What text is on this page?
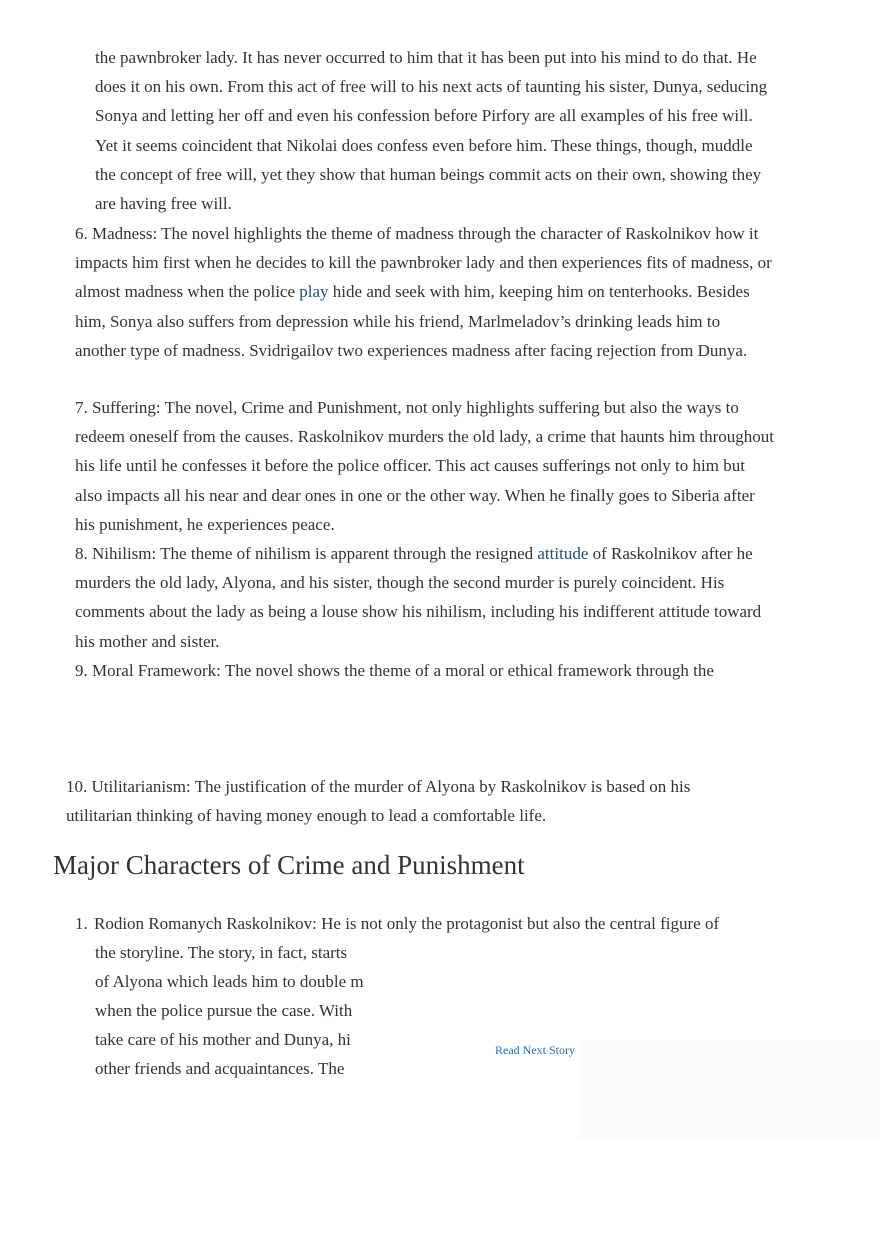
the pawnbroker lady. It has never occurred to him that it has been put into his mind to do that. He does it on his own. From this act of free will to his next acts of taunting his sister, Dunya, seducing Sonya and letting her off and even his confession before Pirfory are all examples of his free will. Yet it seems coincident that Nikolai does confess even before him. These things, though, muddle the concept of free will, yet they show that human beings commit acts on their own, showing they are having free will.
6. Madness: The novel highlights the theme of madness through the character of Raskolnikov how it impacts him first when he decides to kill the pawnbroker lady and then experiences fits of madness, or almost madness when the police play hide and seek with him, keeping him on tenterhooks. Besides him, Sonya also suffers from depression while his friend, Marlmeladov’s drinking leads him to another type of madness. Svidrigailov two experiences madness after facing rejection from Dunya.
7. Suffering: The novel, Crime and Punishment, not only highlights suffering but also the ways to redeem oneself from the causes. Raskolnikov murders the old lady, a crime that haunts him throughout his life until he confesses it before the police officer. This act causes sufferings not only to him but also impacts all his near and dear ones in one or the other way. When he finally goes to Siberia after his punishment, he experiences peace.
8. Nihilism: The theme of nihilism is apparent through the resigned attitude of Raskolnikov after he murders the old lady, Alyona, and his sister, though the second murder is purely coincident. His comments about the lady as being a louse show his nihilism, including his indifferent attitude toward his mother and sister.
9. Moral Framework: The novel shows the theme of a moral or ethical framework through the
10. Utilitarianism: The justification of the murder of Alyona by Raskolnikov is based on his utilitarian thinking of having money enough to lead a comfortable life.
Major Characters of Crime and Punishment
1. Rodion Romanych Raskolnikov: He is not only the protagonist but also the central figure of
the storyline. The story, in fact, starts
of Alyona which leads him to double m
when the police pursue the case. With
take care of his mother and Dunya, hi
other friends and acquaintances. The
Read Next Story
